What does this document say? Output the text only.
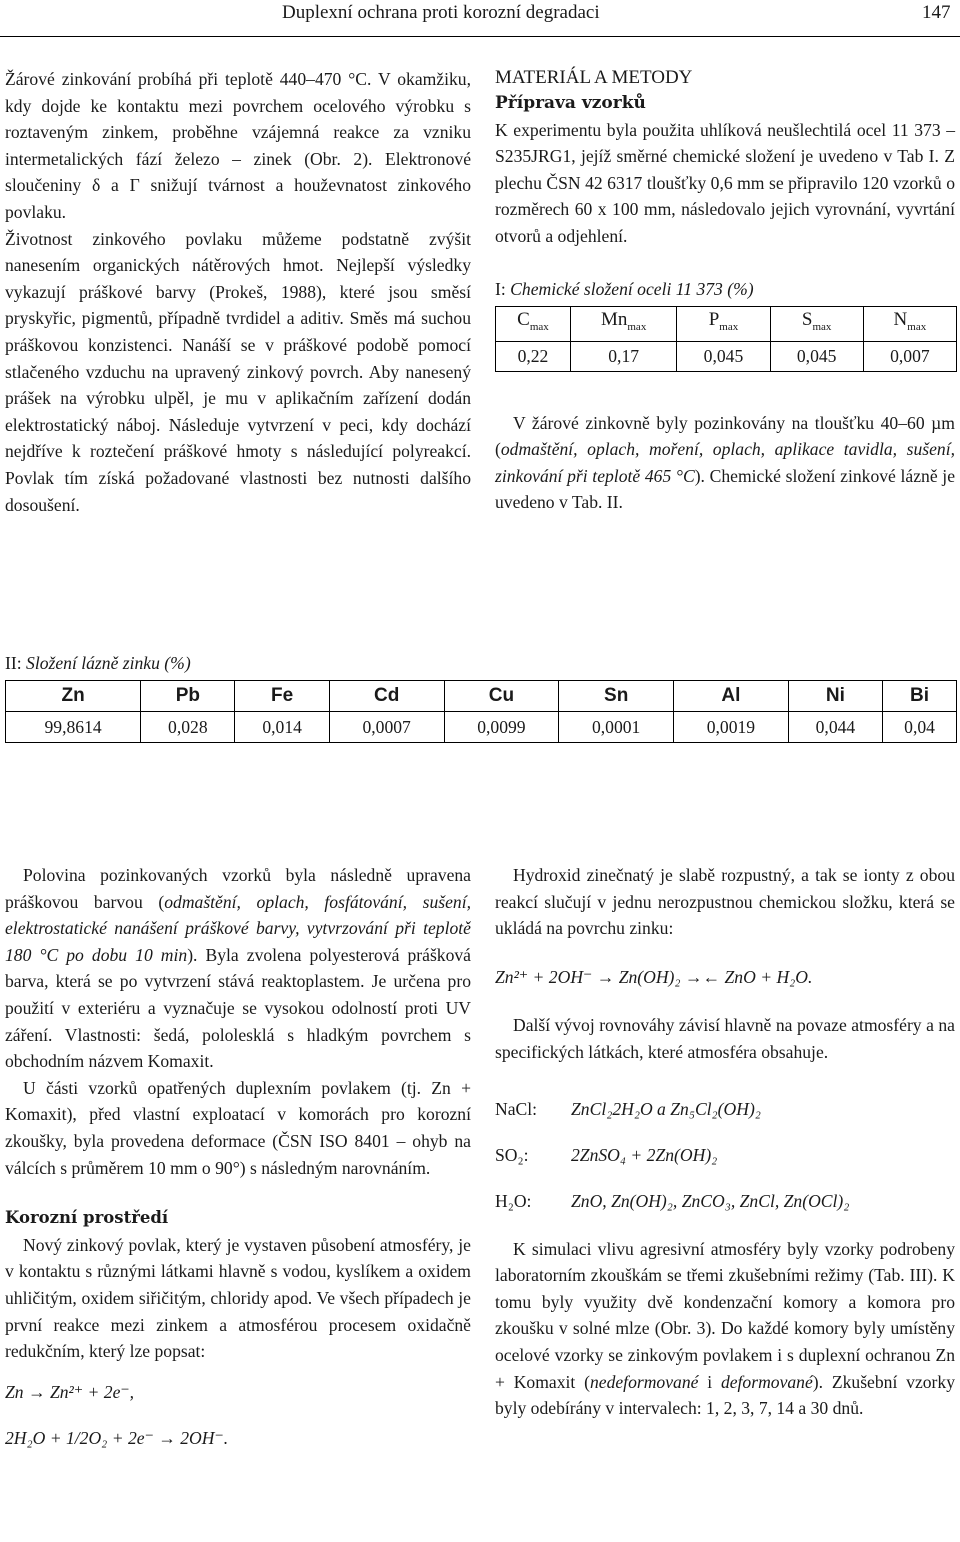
Duplexní ochrana proti korozní degradaci	147

Žárové zinkování probíhá při teplotě 440–470 °C. V okamžiku, kdy dojde ke kontaktu mezi povrchem ocelového výrobku s roztaveným zinkem, proběhne vzájemná reakce za vzniku intermetalických fází železo – zinek (Obr. 2). Elektronové sloučeniny δ a Γ snižují tvárnost a houževnatost zinkového povlaku.

Životnost zinkového povlaku můžeme podstatně zvýšit nanesením organických nátěrových hmot. Nejlepší výsledky vykazují práškové barvy (Prokeš, 1988), které jsou směsí pryskyřic, pigmentů, případně tvrdidel a aditiv. Směs má suchou práškovou konzistenci. Nanáší se v práškové podobě pomocí stlačeného vzduchu na upravený zinkový povrch. Aby nanesený prášek na výrobku ulpěl, je mu v aplikačním zařízení dodán elektrostatický náboj. Následuje vytvrzení v peci, kdy dochází nejdříve k roztečení práškové hmoty s následující polyreakcí. Povlak tím získá požadované vlastnosti bez nutnosti dalšího dosoušení.

MATERIÁL A METODY

Příprava vzorků

K experimentu byla použita uhlíková neušlechtilá ocel 11 373 – S235JRG1, jejíž směrné chemické složení je uvedeno v Tab I. Z plechu ČSN 42 6317 tloušťky 0,6 mm se připravilo 120 vzorků o rozměrech 60 x 100 mm, následovalo jejich vyrovnání, vyvrtání otvorů a odjehlení.

I: Chemické složení oceli 11 373 (%)

$C_{max}$	$Mn_{max}$	$P_{max}$	$S_{max}$	$N_{max}$
0,22	0,17	0,045	0,045	0,007

V žárové zinkovně byly pozinkovány na tloušťku 40–60 µm (odmaštění, oplach, moření, oplach, aplikace tavidla, sušení, zinkování při teplotě 465 °C). Chemické složení zinkové lázně je uvedeno v Tab. II.

II: Složení lázně zinku (%)

Zn	Pb	Fe	Cd	Cu	Sn	Al	Ni	Bi
99,8614	0,028	0,014	0,0007	0,0099	0,0001	0,0019	0,044	0,04

Polovina pozinkovaných vzorků byla následně upravena práškovou barvou (odmaštění, oplach, fosfátování, sušení, elektrostatické nanášení práškové barvy, vytvrzování při teplotě 180 °C po dobu 10 min). Byla zvolena polyesterová prášková barva, která se po vytvrzení stává reaktoplastem. Je určena pro použití v exteriéru a vyznačuje se vysokou odolností proti UV záření. Vlastnosti: šedá, pololesklá s hladkým povrchem s obchodním názvem Komaxit.

U části vzorků opatřených duplexním povlakem (tj. Zn + Komaxit), před vlastní exploatací v komorách pro korozní zkoušky, byla provedena deformace (ČSN ISO 8401 – ohyb na válcích s průměrem 10 mm o 90°) s následným narovnáním.

Korozní prostředí

Nový zinkový povlak, který je vystaven působení atmosféry, je v kontaktu s různými látkami hlavně s vodou, kyslíkem a oxidem uhličitým, oxidem siřičitým, chloridy apod. Ve všech případech je první reakce mezi zinkem a atmosférou procesem oxidačně redukčním, který lze popsat:

Zn → Zn²⁺ + 2e⁻,

2H₂O + 1/2O₂ + 2e⁻ → 2OH⁻.

Hydroxid zinečnatý je slabě rozpustný, a tak se ionty z obou reakcí slučují v jednu nerozpustnou chemickou složku, která se ukládá na povrchu zinku:

Zn²⁺ + 2OH⁻ → Zn(OH)₂ →← ZnO + H₂O.

Další vývoj rovnováhy závisí hlavně na povaze atmosféry a na specifických látkách, které atmosféra obsahuje.

NaCl: ZnCl₂2H₂O a Zn₅Cl₂(OH)₂
SO₂: 2ZnSO₄ + 2Zn(OH)₂
H₂O: ZnO, Zn(OH)₂, ZnCO₃, ZnCl, Zn(OCl)₂

K simulaci vlivu agresivní atmosféry byly vzorky podrobeny laboratorním zkouškám se třemi zkušebními režimy (Tab. III). K tomu byly využity dvě kondenzační komory a komora pro zkoušku v solné mlze (Obr. 3). Do každé komory byly umístěny ocelové vzorky se zinkovým povlakem i s duplexní ochranou Zn + Komaxit (nedeformované i deformované). Zkušební vzorky byly odebírány v intervalech: 1, 2, 3, 7, 14 a 30 dnů.
